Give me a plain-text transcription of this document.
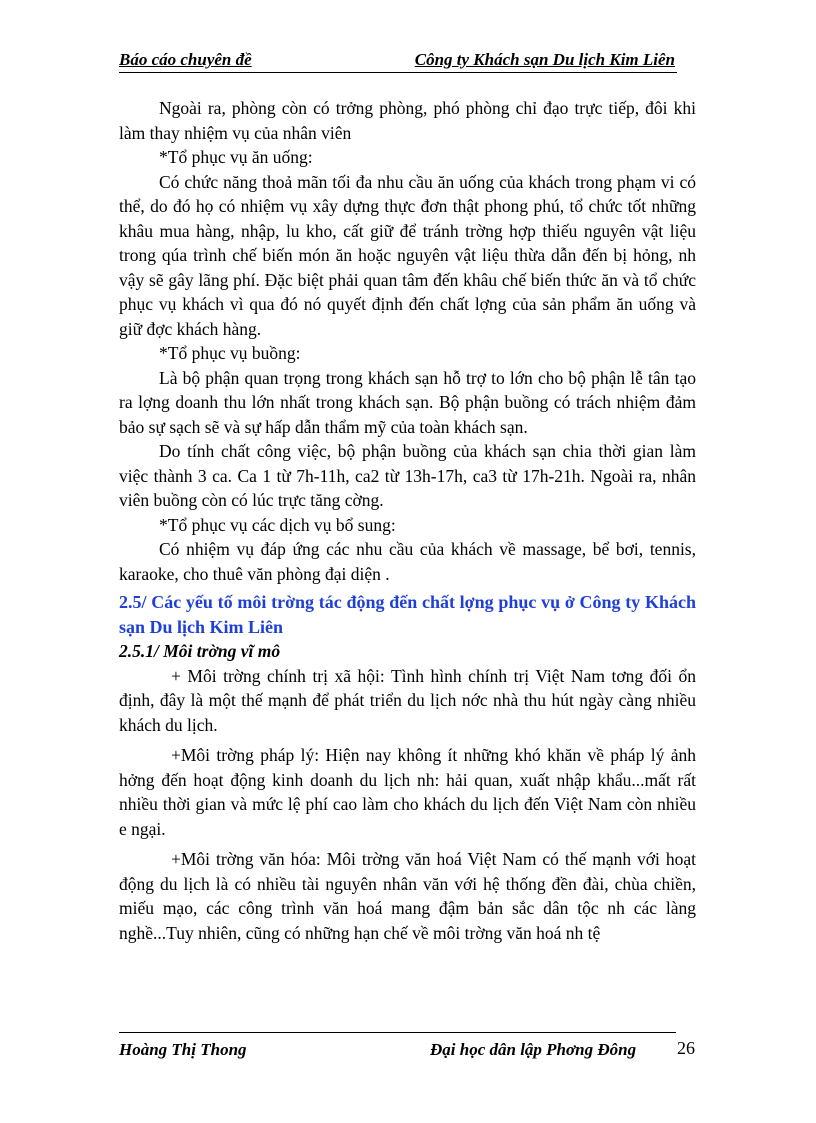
Báo cáo chuyên đề	Công ty Khách sạn Du lịch Kim Liên

Ngoài ra, phòng còn có trởng phòng, phó phòng chỉ đạo trực tiếp, đôi khi làm thay nhiệm vụ của nhân viên

*Tổ phục vụ ăn uống:

Có chức năng thoả mãn tối đa nhu cầu ăn uống của khách trong phạm vi có thể, do đó họ có nhiệm vụ xây dựng thực đơn thật phong phú, tổ chức tốt những khâu mua hàng, nhập, lu kho, cất giữ để tránh trờng hợp thiếu nguyên vật liệu trong qúa trình chế biến món ăn hoặc nguyên vật liệu thừa dẫn đến bị hỏng, nh vậy sẽ gây lãng phí. Đặc biệt phải quan tâm đến khâu chế biến thức ăn và tổ chức phục vụ khách vì qua đó nó quyết định đến chất lợng của sản phẩm ăn uống và giữ đợc khách hàng.

*Tổ phục vụ buồng:

Là bộ phận quan trọng trong khách sạn hỗ trợ to lớn cho bộ phận lễ tân tạo ra lợng doanh thu lớn nhất trong khách sạn. Bộ phận buồng có trách nhiệm đảm bảo sự sạch sẽ và sự hấp dẫn thẩm mỹ của toàn khách sạn.

Do tính chất công việc, bộ phận buồng của khách sạn chia thời gian làm việc thành 3 ca. Ca 1 từ 7h-11h, ca2 từ 13h-17h, ca3 từ 17h-21h. Ngoài ra, nhân viên buồng còn có lúc trực tăng cờng.

*Tổ phục vụ các dịch vụ bổ sung:

Có nhiệm vụ đáp ứng các nhu cầu của khách về massage, bể bơi, tennis, karaoke, cho thuê văn phòng đại diện .

2.5/ Các yếu tố môi trờng tác động đến chất lợng phục vụ ở Công ty Khách sạn Du lịch Kim Liên

2.5.1/ Môi trờng vĩ mô

+ Môi trờng chính trị xã hội: Tình hình chính trị Việt Nam tơng đối ổn định, đây là một thế mạnh để phát triển du lịch nớc nhà thu hút ngày càng nhiều khách du lịch.

+Môi trờng pháp lý: Hiện nay không ít những khó khăn về pháp lý ảnh hởng đến hoạt động kinh doanh du lịch nh: hải quan, xuất nhập khẩu...mất rất nhiều thời gian và mức lệ phí cao làm cho khách du lịch đến Việt Nam còn nhiều e ngại.

+Môi trờng văn hóa: Môi trờng văn hoá Việt Nam có thế mạnh với hoạt động du lịch là có nhiều tài nguyên nhân văn với hệ thống đền đài, chùa chiền, miếu mạo, các công trình văn hoá mang đậm bản sắc dân tộc nh các làng nghề...Tuy nhiên, cũng có những hạn chế về môi trờng văn hoá nh tệ

Hoàng Thị Thong	Đại học dân lập Phơng Đông 26
